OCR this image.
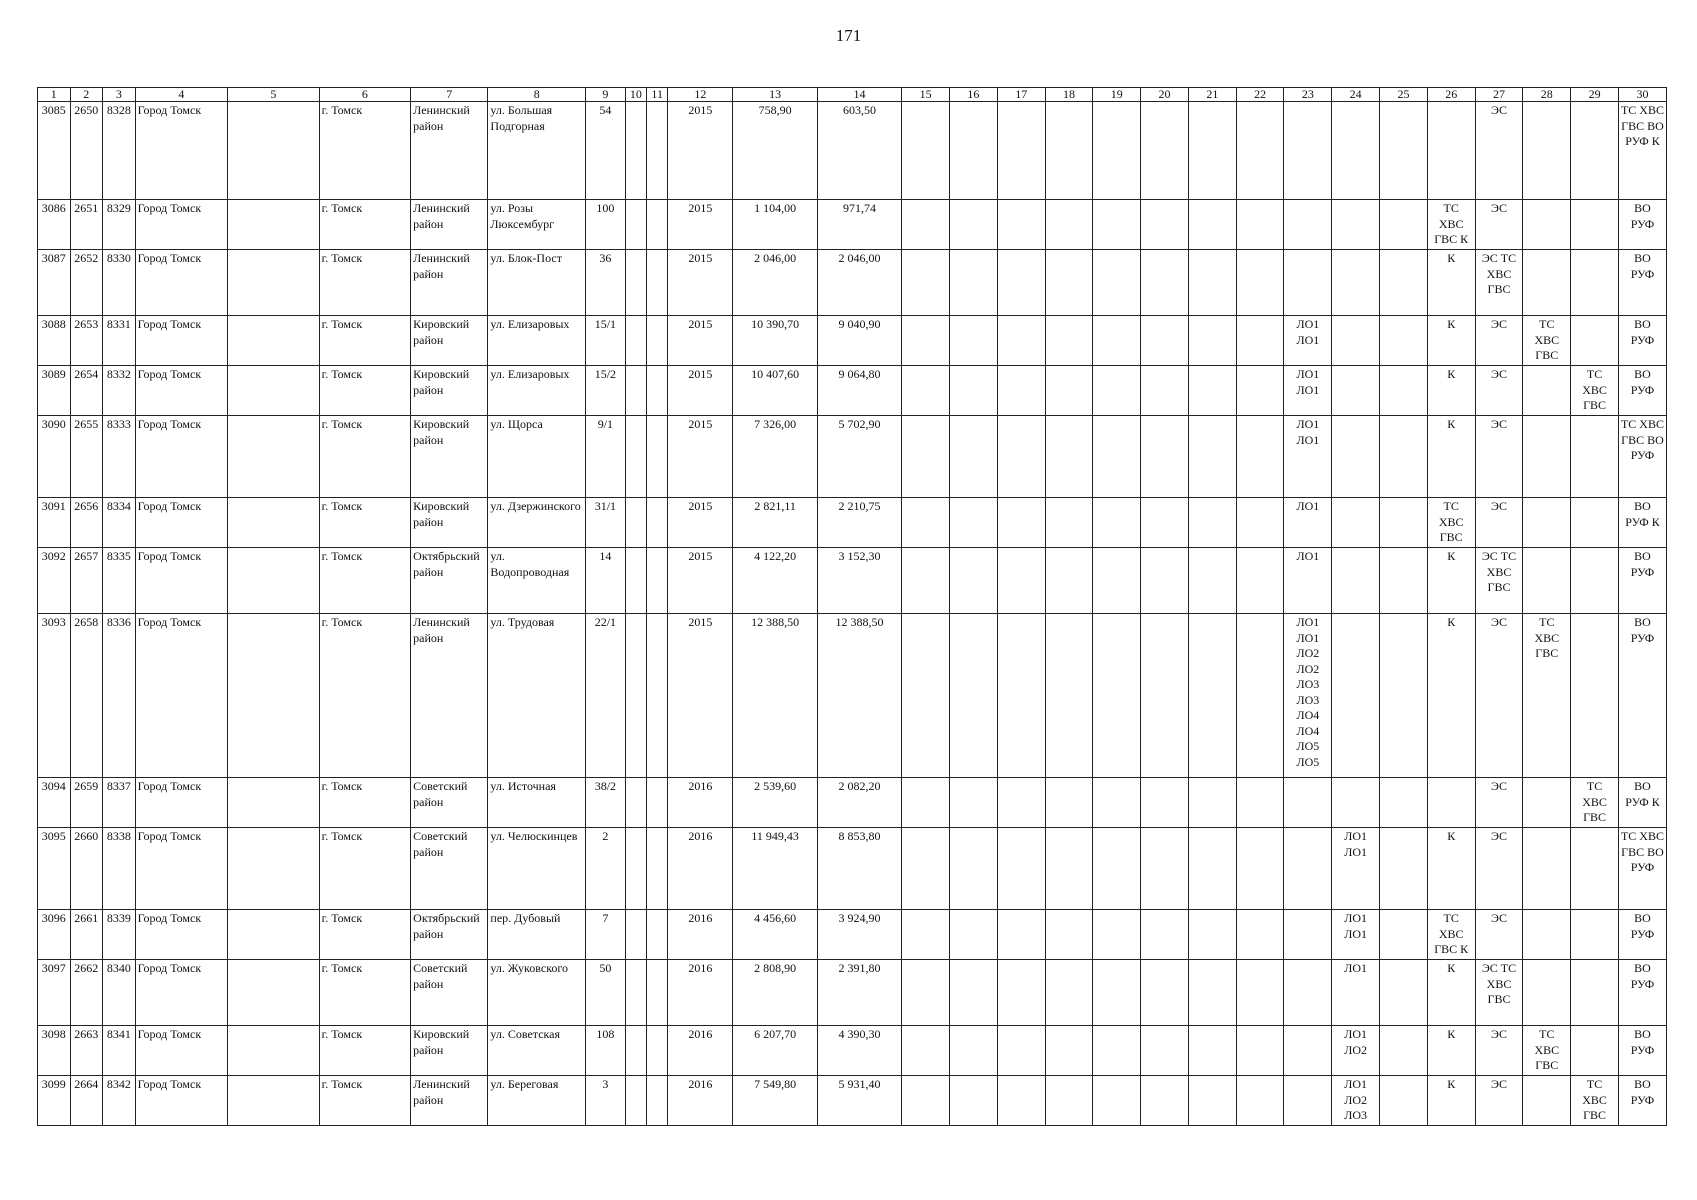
171
1	2	3	4	5	6	7	8	9	10	11	12	13	14	15	16	17	18	19	20	21	22	23	24	25	26	27	28	29	30
3085	2650	8328	Город Томск		г. Томск	Ленинский район	ул. Большая Подгорная	54			2015	758,90	603,50													ЭС			ТС ХВС ГВС ВО РУФ К
3086	2651	8329	Город Томск		г. Томск	Ленинский район	ул. Розы Люксембург	100			2015	1 104,00	971,74												ТС ХВС ГВС К	ЭС			ВО РУФ
3087	2652	8330	Город Томск		г. Томск	Ленинский район	ул. Блок-Пост	36			2015	2 046,00	2 046,00												К	ЭС ТС ХВС ГВС			ВО РУФ
3088	2653	8331	Город Томск		г. Томск	Кировский район	ул. Елизаровых	15/1			2015	10 390,70	9 040,90									ЛО1 ЛО1			К	ЭС	ТС ХВС ГВС		ВО РУФ
3089	2654	8332	Город Томск		г. Томск	Кировский район	ул. Елизаровых	15/2			2015	10 407,60	9 064,80									ЛО1 ЛО1			К	ЭС		ТС ХВС ГВС	ВО РУФ
3090	2655	8333	Город Томск		г. Томск	Кировский район	ул. Щорса	9/1			2015	7 326,00	5 702,90									ЛО1 ЛО1			К	ЭС			ТС ХВС ГВС ВО РУФ
3091	2656	8334	Город Томск		г. Томск	Кировский район	ул. Дзержинского	31/1			2015	2 821,11	2 210,75									ЛО1			ТС ХВС ГВС	ЭС			ВО РУФ К
3092	2657	8335	Город Томск		г. Томск	Октябрьский район	ул. Водопроводная	14			2015	4 122,20	3 152,30									ЛО1			К	ЭС ТС ХВС ГВС			ВО РУФ
3093	2658	8336	Город Томск		г. Томск	Ленинский район	ул. Трудовая	22/1			2015	12 388,50	12 388,50									ЛО1 ЛО1 ЛО2 ЛО2 ЛО3 ЛО3 ЛО4 ЛО4 ЛО5 ЛО5			К	ЭС	ТС ХВС ГВС		ВО РУФ
3094	2659	8337	Город Томск		г. Томск	Советский район	ул. Источная	38/2			2016	2 539,60	2 082,20													ЭС		ТС ХВС ГВС	ВО РУФ К
3095	2660	8338	Город Томск		г. Томск	Советский район	ул. Челюскинцев	2			2016	11 949,43	8 853,80										ЛО1 ЛО1		К	ЭС			ТС ХВС ГВС ВО РУФ
3096	2661	8339	Город Томск		г. Томск	Октябрьский район	пер. Дубовый	7			2016	4 456,60	3 924,90										ЛО1 ЛО1		ТС ХВС ГВС К	ЭС			ВО РУФ
3097	2662	8340	Город Томск		г. Томск	Советский район	ул. Жуковского	50			2016	2 808,90	2 391,80										ЛО1		К	ЭС ТС ХВС ГВС			ВО РУФ
3098	2663	8341	Город Томск		г. Томск	Кировский район	ул. Советская	108			2016	6 207,70	4 390,30										ЛО1 ЛО2		К	ЭС	ТС ХВС ГВС		ВО РУФ
3099	2664	8342	Город Томск		г. Томск	Ленинский район	ул. Береговая	3			2016	7 549,80	5 931,40										ЛО1 ЛО2 ЛО3		К	ЭС		ТС ХВС ГВС	ВО РУФ
